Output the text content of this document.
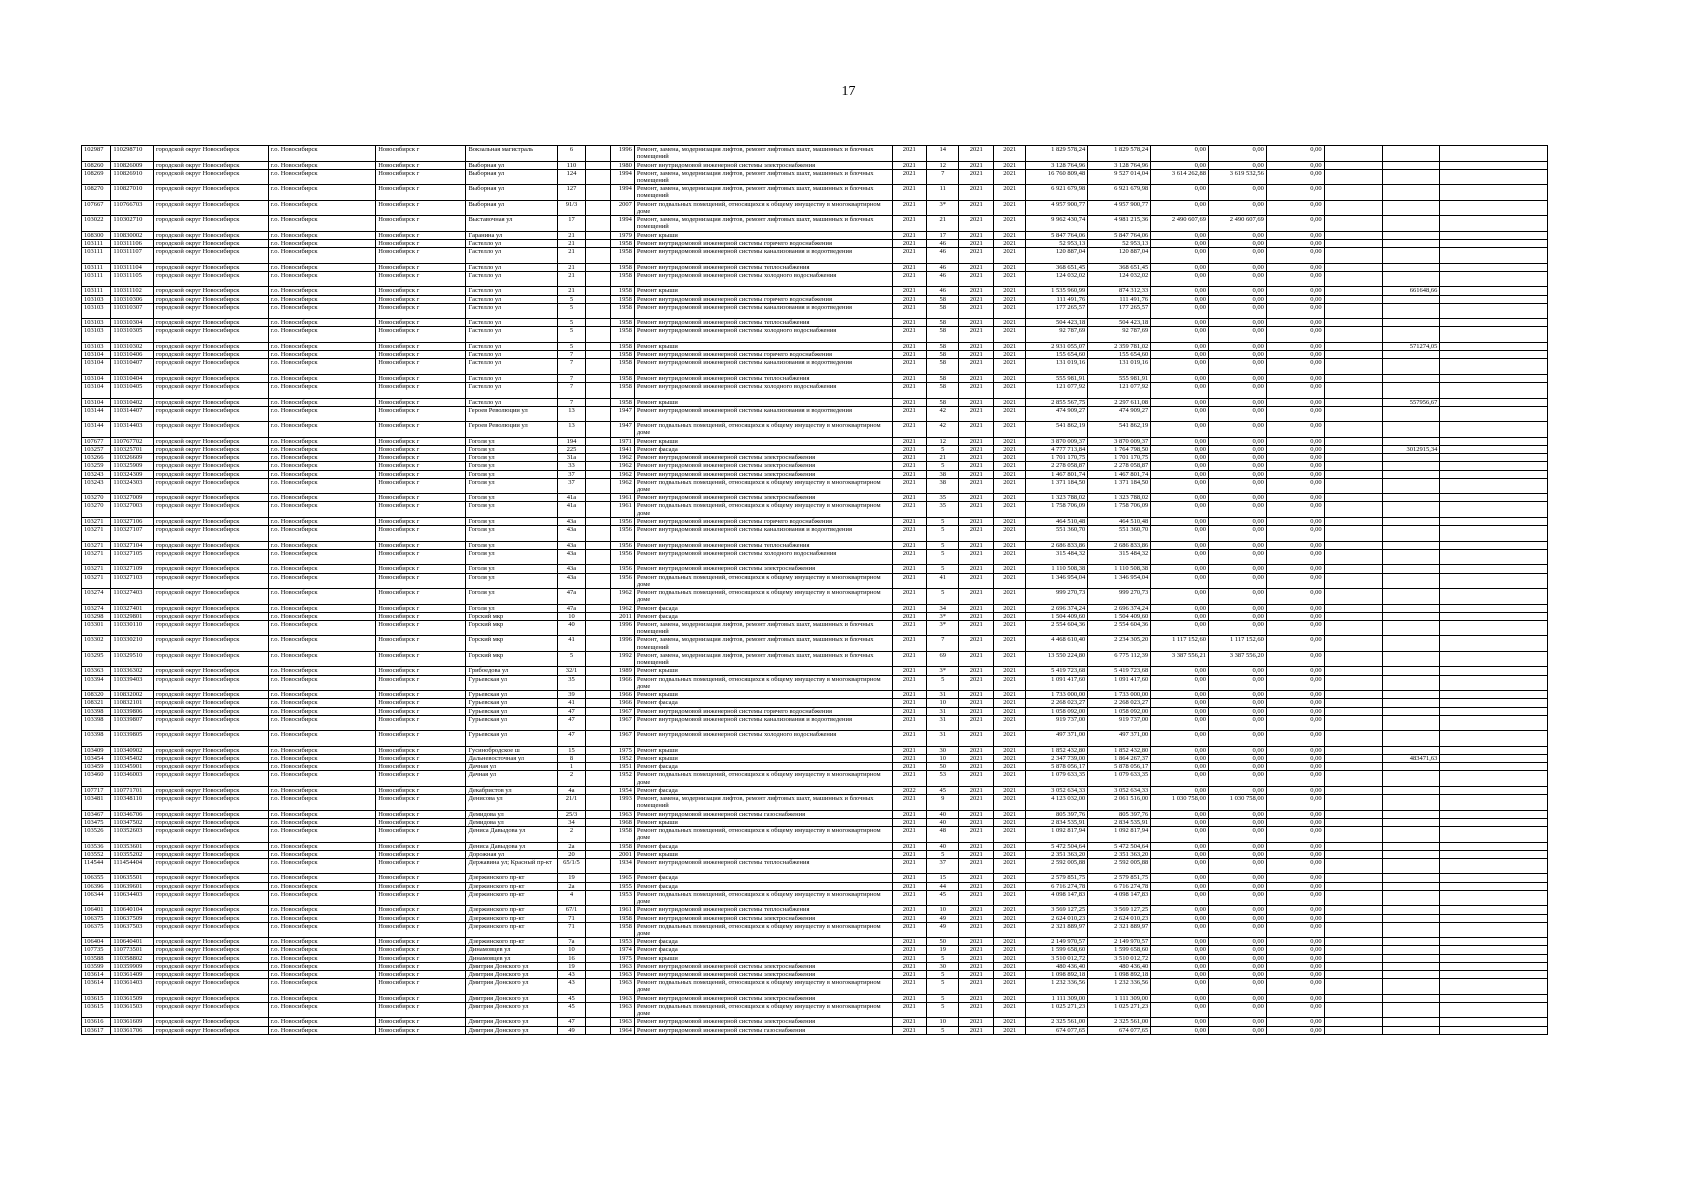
17
102987	110298710	городской округ Новосибирск	г.о. Новосибирск	Новосибирск г	Вокзальная магистраль	6		1996	Ремонт, замена, модернизация лифтов, ремонт лифтовых шахт, машинных и блочных помещений	2021	14	2021	2021	1 829 578,24	1 829 578,24	0,00	0,00	0,00			
108260	110826009	городской округ Новосибирск	г.о. Новосибирск	Новосибирск г	Выборная ул	110		1980	Ремонт внутридомовой инженерной системы электроснабжения	2021	12	2021	2021	3 128 764,96	3 128 764,96	0,00	0,00	0,00			
108269	110826910	городской округ Новосибирск	г.о. Новосибирск	Новосибирск г	Выборная ул	124		1994	Ремонт, замена, модернизация лифтов, ремонт лифтовых шахт, машинных и блочных помещений	2021	7	2021	2021	16 760 809,48	9 527 014,04	3 614 262,88	3 619 532,56	0,00			
108270	110827010	городской округ Новосибирск	г.о. Новосибирск	Новосибирск г	Выборная ул	127		1994	Ремонт, замена, модернизация лифтов, ремонт лифтовых шахт, машинных и блочных помещений	2021	11	2021	2021	6 921 679,98	6 921 679,98	0,00	0,00	0,00			
107667	110766703	городской округ Новосибирск	г.о. Новосибирск	Новосибирск г	Выборная ул	91/3		2007	Ремонт подвальных помещений, относящихся к общему имуществу в многоквартирном доме	2021	3*	2021	2021	4 957 900,77	4 957 900,77	0,00	0,00	0,00			
103022	110302710	городской округ Новосибирск	г.о. Новосибирск	Новосибирск г	Выставочная ул	17		1994	Ремонт, замена, модернизация лифтов, ремонт лифтовых шахт, машинных и блочных помещений	2021	21	2021	2021	9 962 430,74	4 981 215,36	2 490 607,69	2 490 607,69	0,00			
108300	110830002	городской округ Новосибирск	г.о. Новосибирск	Новосибирск г	Гаранина ул	21		1979	Ремонт крыши	2021	17	2021	2021	5 847 764,06	5 847 764,06	0,00	0,00	0,00			
103111	110311106	городской округ Новосибирск	г.о. Новосибирск	Новосибирск г	Гастелло ул	21		1958	Ремонт внутридомовой инженерной системы горячего водоснабжения	2021	46	2021	2021	52 953,13	52 953,13	0,00	0,00	0,00			
103111	110311107	городской округ Новосибирск	г.о. Новосибирск	Новосибирск г	Гастелло ул	21		1958	Ремонт внутридомовой инженерной системы канализования и водоотведения	2021	46	2021	2021	120 887,04	120 887,04	0,00	0,00	0,00			
103111	110311104	городской округ Новосибирск	г.о. Новосибирск	Новосибирск г	Гастелло ул	21		1958	Ремонт внутридомовой инженерной системы теплоснабжения	2021	46	2021	2021	368 651,45	368 651,45	0,00	0,00	0,00			
103111	110311105	городской округ Новосибирск	г.о. Новосибирск	Новосибирск г	Гастелло ул	21		1958	Ремонт внутридомовой инженерной системы холодного водоснабжения	2021	46	2021	2021	124 032,02	124 032,02	0,00	0,00	0,00			
103111	110311102	городской округ Новосибирск	г.о. Новосибирск	Новосибирск г	Гастелло ул	21		1958	Ремонт крыши	2021	46	2021	2021	1 535 960,99	874 312,33	0,00	0,00	0,00		661648,66	
103103	110310306	городской округ Новосибирск	г.о. Новосибирск	Новосибирск г	Гастелло ул	5		1958	Ремонт внутридомовой инженерной системы горячего водоснабжения	2021	58	2021	2021	111 491,76	111 491,76	0,00	0,00	0,00			
103103	110310307	городской округ Новосибирск	г.о. Новосибирск	Новосибирск г	Гастелло ул	5		1958	Ремонт внутридомовой инженерной системы канализования и водоотведения	2021	58	2021	2021	177 265,57	177 265,57	0,00	0,00	0,00			
103103	110310304	городской округ Новосибирск	г.о. Новосибирск	Новосибирск г	Гастелло ул	5		1958	Ремонт внутридомовой инженерной системы теплоснабжения	2021	58	2021	2021	504 423,18	504 423,18	0,00	0,00	0,00			
103103	110310305	городской округ Новосибирск	г.о. Новосибирск	Новосибирск г	Гастелло ул	5		1958	Ремонт внутридомовой инженерной системы холодного водоснабжения	2021	58	2021	2021	92 787,69	92 787,69	0,00	0,00	0,00			
103103	110310302	городской округ Новосибирск	г.о. Новосибирск	Новосибирск г	Гастелло ул	5		1958	Ремонт крыши	2021	58	2021	2021	2 931 055,07	2 359 781,02	0,00	0,00	0,00		571274,05	
103104	110310406	городской округ Новосибирск	г.о. Новосибирск	Новосибирск г	Гастелло ул	7		1958	Ремонт внутридомовой инженерной системы горячего водоснабжения	2021	58	2021	2021	155 654,60	155 654,60	0,00	0,00	0,00			
103104	110310407	городской округ Новосибирск	г.о. Новосибирск	Новосибирск г	Гастелло ул	7		1958	Ремонт внутридомовой инженерной системы канализования и водоотведения	2021	58	2021	2021	131 019,16	131 019,16	0,00	0,00	0,00			
103104	110310404	городской округ Новосибирск	г.о. Новосибирск	Новосибирск г	Гастелло ул	7		1958	Ремонт внутридомовой инженерной системы теплоснабжения	2021	58	2021	2021	555 981,91	555 981,91	0,00	0,00	0,00			
103104	110310405	городской округ Новосибирск	г.о. Новосибирск	Новосибирск г	Гастелло ул	7		1958	Ремонт внутридомовой инженерной системы холодного водоснабжения	2021	58	2021	2021	121 077,92	121 077,92	0,00	0,00	0,00			
103104	110310402	городской округ Новосибирск	г.о. Новосибирск	Новосибирск г	Гастелло ул	7		1958	Ремонт крыши	2021	58	2021	2021	2 855 567,75	2 297 611,08	0,00	0,00	0,00		557956,67	
103144	110314407	городской округ Новосибирск	г.о. Новосибирск	Новосибирск г	Героев Революции ул	13		1947	Ремонт внутридомовой инженерной системы канализования и водоотведения	2021	42	2021	2021	474 909,27	474 909,27	0,00	0,00	0,00			
103144	110314403	городской округ Новосибирск	г.о. Новосибирск	Новосибирск г	Героев Революции ул	13		1947	Ремонт подвальных помещений, относящихся к общему имуществу в многоквартирном доме	2021	42	2021	2021	541 862,19	541 862,19	0,00	0,00	0,00			
107677	110767702	городской округ Новосибирск	г.о. Новосибирск	Новосибирск г	Гоголя ул	194		1971	Ремонт крыши	2021	12	2021	2021	3 870 009,37	3 870 009,37	0,00	0,00	0,00			
103257	110325701	городской округ Новосибирск	г.о. Новосибирск	Новосибирск г	Гоголя ул	225		1941	Ремонт фасада	2021	5	2021	2021	4 777 713,84	1 764 798,50	0,00	0,00	0,00		3012915,34	
103266	110326609	городской округ Новосибирск	г.о. Новосибирск	Новосибирск г	Гоголя ул	31а		1962	Ремонт внутридомовой инженерной системы электроснабжения	2021	21	2021	2021	1 701 170,75	1 701 170,75	0,00	0,00	0,00			
103259	110325909	городской округ Новосибирск	г.о. Новосибирск	Новосибирск г	Гоголя ул	33		1962	Ремонт внутридомовой инженерной системы электроснабжения	2021	5	2021	2021	2 278 058,87	2 278 058,87	0,00	0,00	0,00			
103243	110324309	городской округ Новосибирск	г.о. Новосибирск	Новосибирск г	Гоголя ул	37		1962	Ремонт внутридомовой инженерной системы электроснабжения	2021	38	2021	2021	1 467 801,74	1 467 801,74	0,00	0,00	0,00			
103243	110324303	городской округ Новосибирск	г.о. Новосибирск	Новосибирск г	Гоголя ул	37		1962	Ремонт подвальных помещений, относящихся к общему имуществу в многоквартирном доме	2021	38	2021	2021	1 371 184,50	1 371 184,50	0,00	0,00	0,00			
103270	110327009	городской округ Новосибирск	г.о. Новосибирск	Новосибирск г	Гоголя ул	41а		1961	Ремонт внутридомовой инженерной системы электроснабжения	2021	35	2021	2021	1 323 788,02	1 323 788,02	0,00	0,00	0,00			
103270	110327003	городской округ Новосибирск	г.о. Новосибирск	Новосибирск г	Гоголя ул	41а		1961	Ремонт подвальных помещений, относящихся к общему имуществу в многоквартирном доме	2021	35	2021	2021	1 758 706,09	1 758 706,09	0,00	0,00	0,00			
103271	110327106	городской округ Новосибирск	г.о. Новосибирск	Новосибирск г	Гоголя ул	43а		1956	Ремонт внутридомовой инженерной системы горячего водоснабжения	2021	5	2021	2021	464 510,48	464 510,48	0,00	0,00	0,00			
103271	110327107	городской округ Новосибирск	г.о. Новосибирск	Новосибирск г	Гоголя ул	43а		1956	Ремонт внутридомовой инженерной системы канализования и водоотведения	2021	5	2021	2021	551 360,70	551 360,70	0,00	0,00	0,00			
103271	110327104	городской округ Новосибирск	г.о. Новосибирск	Новосибирск г	Гоголя ул	43а		1956	Ремонт внутридомовой инженерной системы теплоснабжения	2021	5	2021	2021	2 686 833,86	2 686 833,86	0,00	0,00	0,00			
103271	110327105	городской округ Новосибирск	г.о. Новосибирск	Новосибирск г	Гоголя ул	43а		1956	Ремонт внутридомовой инженерной системы холодного водоснабжения	2021	5	2021	2021	315 484,32	315 484,32	0,00	0,00	0,00			
103271	110327109	городской округ Новосибирск	г.о. Новосибирск	Новосибирск г	Гоголя ул	43а		1956	Ремонт внутридомовой инженерной системы электроснабжения	2021	5	2021	2021	1 110 508,38	1 110 508,38	0,00	0,00	0,00			
103271	110327103	городской округ Новосибирск	г.о. Новосибирск	Новосибирск г	Гоголя ул	43а		1956	Ремонт подвальных помещений, относящихся к общему имуществу в многоквартирном доме	2021	41	2021	2021	1 346 954,04	1 346 954,04	0,00	0,00	0,00			
103274	110327403	городской округ Новосибирск	г.о. Новосибирск	Новосибирск г	Гоголя ул	47а		1962	Ремонт подвальных помещений, относящихся к общему имуществу в многоквартирном доме	2021	5	2021	2021	999 270,73	999 270,73	0,00	0,00	0,00			
103274	110327401	городской округ Новосибирск	г.о. Новосибирск	Новосибирск г	Гоголя ул	47а		1962	Ремонт фасада	2021	34	2021	2021	2 696 374,24	2 696 374,24	0,00	0,00	0,00			
103298	110329801	городской округ Новосибирск	г.о. Новосибирск	Новосибирск г	Горский мкр	10		2011	Ремонт фасада	2021	3*	2021	2021	1 504 409,60	1 504 409,60	0,00	0,00	0,00			
103301	110330110	городской округ Новосибирск	г.о. Новосибирск	Новосибирск г	Горский мкр	40		1996	Ремонт, замена, модернизация лифтов, ремонт лифтовых шахт, машинных и блочных помещений	2021	3*	2021	2021	2 554 604,36	2 554 604,36	0,00	0,00	0,00			
103302	110330210	городской округ Новосибирск	г.о. Новосибирск	Новосибирск г	Горский мкр	41		1996	Ремонт, замена, модернизация лифтов, ремонт лифтовых шахт, машинных и блочных помещений	2021	7	2021	2021	4 468 610,40	2 234 305,20	1 117 152,60	1 117 152,60	0,00			
103295	110329510	городской округ Новосибирск	г.о. Новосибирск	Новосибирск г	Горский мкр	5		1992	Ремонт, замена, модернизация лифтов, ремонт лифтовых шахт, машинных и блочных помещений	2021	69	2021	2021	13 550 224,80	6 775 112,39	3 387 556,21	3 387 556,20	0,00			
103363	110336302	городской округ Новосибирск	г.о. Новосибирск	Новосибирск г	Грибоедова ул	32/1		1989	Ремонт крыши	2021	3*	2021	2021	5 419 723,68	5 419 723,68	0,00	0,00	0,00			
103394	110339403	городской округ Новосибирск	г.о. Новосибирск	Новосибирск г	Гурьевская ул	35		1966	Ремонт подвальных помещений, относящихся к общему имуществу в многоквартирном доме	2021	5	2021	2021	1 091 417,60	1 091 417,60	0,00	0,00	0,00			
108320	110832002	городской округ Новосибирск	г.о. Новосибирск	Новосибирск г	Гурьевская ул	39		1966	Ремонт крыши	2021	31	2021	2021	1 733 000,00	1 733 000,00	0,00	0,00	0,00			
108321	110832101	городской округ Новосибирск	г.о. Новосибирск	Новосибирск г	Гурьевская ул	41		1966	Ремонт фасада	2021	10	2021	2021	2 268 023,27	2 268 023,27	0,00	0,00	0,00			
103398	110339806	городской округ Новосибирск	г.о. Новосибирск	Новосибирск г	Гурьевская ул	47		1967	Ремонт внутридомовой инженерной системы горячего водоснабжения	2021	31	2021	2021	1 058 092,00	1 058 092,00	0,00	0,00	0,00			
103398	110339807	городской округ Новосибирск	г.о. Новосибирск	Новосибирск г	Гурьевская ул	47		1967	Ремонт внутридомовой инженерной системы канализования и водоотведения	2021	31	2021	2021	919 737,00	919 737,00	0,00	0,00	0,00			
103398	110339805	городской округ Новосибирск	г.о. Новосибирск	Новосибирск г	Гурьевская ул	47		1967	Ремонт внутридомовой инженерной системы холодного водоснабжения	2021	31	2021	2021	497 371,00	497 371,00	0,00	0,00	0,00			
103409	110340902	городской округ Новосибирск	г.о. Новосибирск	Новосибирск г	Гусинобродское ш	15		1975	Ремонт крыши	2021	30	2021	2021	1 852 432,80	1 852 432,80	0,00	0,00	0,00			
103454	110345402	городской округ Новосибирск	г.о. Новосибирск	Новосибирск г	Дальневосточная ул	8		1952	Ремонт крыши	2021	10	2021	2021	2 347 739,00	1 864 267,37	0,00	0,00	0,00		483471,63	
103459	110345901	городской округ Новосибирск	г.о. Новосибирск	Новосибирск г	Дачная ул	1		1951	Ремонт фасада	2021	50	2021	2021	5 878 056,17	5 878 056,17	0,00	0,00	0,00			
103460	110346003	городской округ Новосибирск	г.о. Новосибирск	Новосибирск г	Дачная ул	2		1952	Ремонт подвальных помещений, относящихся к общему имуществу в многоквартирном доме	2021	53	2021	2021	1 079 633,35	1 079 633,35	0,00	0,00	0,00			
107717	110771701	городской округ Новосибирск	г.о. Новосибирск	Новосибирск г	Декабристов ул	4а		1954	Ремонт фасада	2022	45	2021	2021	3 052 634,33	3 052 634,33	0,00	0,00	0,00			
103481	110348110	городской округ Новосибирск	г.о. Новосибирск	Новосибирск г	Денисова ул	21/1		1993	Ремонт, замена, модернизация лифтов, ремонт лифтовых шахт, машинных и блочных помещений	2021	9	2021	2021	4 123 032,00	2 061 516,00	1 030 758,00	1 030 758,00	0,00			
103467	110346706	городской округ Новосибирск	г.о. Новосибирск	Новосибирск г	Демидова ул	25/3		1963	Ремонт внутридомовой инженерной системы газоснабжения	2021	40	2021	2021	805 397,76	805 397,76	0,00	0,00	0,00			
103475	110347502	городской округ Новосибирск	г.о. Новосибирск	Новосибирск г	Демидова ул	34		1968	Ремонт крыши	2021	40	2021	2021	2 834 535,91	2 834 535,91	0,00	0,00	0,00			
103526	110352603	городской округ Новосибирск	г.о. Новосибирск	Новосибирск г	Дениса Давыдова ул	2		1958	Ремонт подвальных помещений, относящихся к общему имуществу в многоквартирном доме	2021	48	2021	2021	1 092 817,94	1 092 817,94	0,00	0,00	0,00			
103536	110353601	городской округ Новосибирск	г.о. Новосибирск	Новосибирск г	Дениса Давыдова ул	2а		1958	Ремонт фасада	2021	40	2021	2021	5 472 504,64	5 472 504,64	0,00	0,00	0,00			
103552	110355202	городской округ Новосибирск	г.о. Новосибирск	Новосибирск г	Дорожная ул	20		2001	Ремонт крыши	2021	5	2021	2021	2 351 363,20	2 351 363,20	0,00	0,00	0,00			
114544	111454404	городской округ Новосибирск	г.о. Новосибирск	Новосибирск г	Державина ул; Красный пр-кт	65/1/5		1934	Ремонт внутридомовой инженерной системы теплоснабжения	2021	37	2021	2021	2 592 005,88	2 592 005,88	0,00	0,00	0,00			
106355	110635501	городской округ Новосибирск	г.о. Новосибирск	Новосибирск г	Дзержинского пр-кт	19		1965	Ремонт фасада	2021	15	2021	2021	2 579 851,75	2 579 851,75	0,00	0,00	0,00			
106396	110639601	городской округ Новосибирск	г.о. Новосибирск	Новосибирск г	Дзержинского пр-кт	2а		1955	Ремонт фасада	2021	44	2021	2021	6 716 274,78	6 716 274,78	0,00	0,00	0,00			
106344	110634403	городской округ Новосибирск	г.о. Новосибирск	Новосибирск г	Дзержинского пр-кт	4		1953	Ремонт подвальных помещений, относящихся к общему имуществу в многоквартирном доме	2021	45	2021	2021	4 098 147,83	4 098 147,83	0,00	0,00	0,00			
106401	110640104	городской округ Новосибирск	г.о. Новосибирск	Новосибирск г	Дзержинского пр-кт	67/1		1961	Ремонт внутридомовой инженерной системы теплоснабжения	2021	10	2021	2021	3 569 127,25	3 569 127,25	0,00	0,00	0,00			
106375	110637509	городской округ Новосибирск	г.о. Новосибирск	Новосибирск г	Дзержинского пр-кт	71		1958	Ремонт внутридомовой инженерной системы электроснабжения	2021	49	2021	2021	2 624 010,23	2 624 010,23	0,00	0,00	0,00			
106375	110637503	городской округ Новосибирск	г.о. Новосибирск	Новосибирск г	Дзержинского пр-кт	71		1958	Ремонт подвальных помещений, относящихся к общему имуществу в многоквартирном доме	2021	49	2021	2021	2 321 889,97	2 321 889,97	0,00	0,00	0,00			
106404	110640401	городской округ Новосибирск	г.о. Новосибирск	Новосибирск г	Дзержинского пр-кт	7а		1953	Ремонт фасада	2021	50	2021	2021	2 149 970,57	2 149 970,57	0,00	0,00	0,00			
107735	110773501	городской округ Новосибирск	г.о. Новосибирск	Новосибирск г	Динамовцев ул	10		1974	Ремонт фасада	2021	19	2021	2021	1 599 658,60	1 599 658,60	0,00	0,00	0,00			
103588	110358802	городской округ Новосибирск	г.о. Новосибирск	Новосибирск г	Динамовцев ул	16		1975	Ремонт крыши	2021	5	2021	2021	3 510 012,72	3 510 012,72	0,00	0,00	0,00			
103599	110359909	городской округ Новосибирск	г.о. Новосибирск	Новосибирск г	Дмитрия Донского ул	19		1963	Ремонт внутридомовой инженерной системы электроснабжения	2021	30	2021	2021	480 436,40	480 436,40	0,00	0,00	0,00			
103614	110361409	городской округ Новосибирск	г.о. Новосибирск	Новосибирск г	Дмитрия Донского ул	43		1963	Ремонт внутридомовой инженерной системы электроснабжения	2021	5	2021	2021	1 098 892,18	1 098 892,18	0,00	0,00	0,00			
103614	110361403	городской округ Новосибирск	г.о. Новосибирск	Новосибирск г	Дмитрия Донского ул	43		1963	Ремонт подвальных помещений, относящихся к общему имуществу в многоквартирном доме	2021	5	2021	2021	1 232 336,56	1 232 336,56	0,00	0,00	0,00			
103615	110361509	городской округ Новосибирск	г.о. Новосибирск	Новосибирск г	Дмитрия Донского ул	45		1963	Ремонт внутридомовой инженерной системы электроснабжения	2021	5	2021	2021	1 111 309,00	1 111 309,00	0,00	0,00	0,00			
103615	110361503	городской округ Новосибирск	г.о. Новосибирск	Новосибирск г	Дмитрия Донского ул	45		1963	Ремонт подвальных помещений, относящихся к общему имуществу в многоквартирном доме	2021	5	2021	2021	1 025 271,23	1 025 271,23	0,00	0,00	0,00			
103616	110361609	городской округ Новосибирск	г.о. Новосибирск	Новосибирск г	Дмитрия Донского ул	47		1963	Ремонт внутридомовой инженерной системы электроснабжения	2021	10	2021	2021	2 325 561,00	2 325 561,00	0,00	0,00	0,00			
103617	110361706	городской округ Новосибирск	г.о. Новосибирск	Новосибирск г	Дмитрия Донского ул	49		1964	Ремонт внутридомовой инженерной системы газоснабжения	2021	5	2021	2021	674 077,65	674 077,65	0,00	0,00	0,00			
